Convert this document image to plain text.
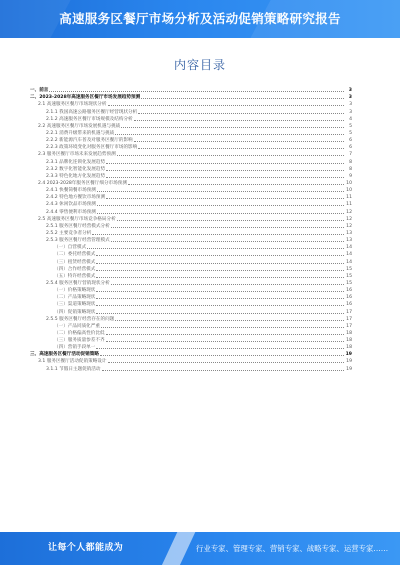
高速服务区餐厅市场分析及活动促销策略研究报告
内容目录
一、前言	3
二、2023-2028年高速服务区餐厅市场发展趋势预测	3
2.1 高速服务区餐厅市场现状分析	3
2.1.1 我国高速公路服务区餐厅经营现状分析	3
2.1.2 高速服务区餐厅市场规模及结构分析	4
2.2 高速服务区餐厅市场发展机遇与挑战	5
2.2.1 消费升级带来的机遇与挑战	5
2.2.2 新能源汽车普及对服务区餐厅的影响	6
2.2.3 政策环境变化对服务区餐厅市场的影响	6
2.3 服务区餐厅市场未来发展趋势预测	7
2.3.1 品牌化连锁化发展趋势	8
2.3.2 数字化智能化发展趋势	8
2.3.3 特色化地方化发展趋势	9
2.4 2023-2028年服务区餐厅细分市场预测	10
2.4.1 快餐简餐市场预测	10
2.4.2 特色地方餐饮市场预测	11
2.4.3 休闲饮品市场预测	11
2.4.4 零售便利市场预测	12
2.5 高速服务区餐厅市场竞争格局分析	12
2.5.1 服务区餐厅经营模式分析	12
2.5.2 主要竞争者分析	13
2.5.3 服务区餐厅经营管理模式	13
（一）自营模式	14
（二）委托经营模式	14
（三）租赁经营模式	14
（四）合作经营模式	15
（五）特许经营模式	15
2.5.4 服务区餐厅营销现状分析	15
（一）价格策略现状	16
（二）产品策略现状	16
（三）渠道策略现状	16
（四）促销策略现状	17
2.5.5 服务区餐厅经营存在的问题	17
（一）产品同质化严重	17
（二）价格偏高性价比低	18
（三）服务质量参差不齐	18
（四）营销手段单一	18
三、高速服务区餐厅活动促销策略	19
3.1 服务区餐厅活动促销策略设计	19
3.1.1 节假日主题促销活动	19
让每个人都能成为	行业专家、管理专家、营销专家、战略专家、运营专家……
